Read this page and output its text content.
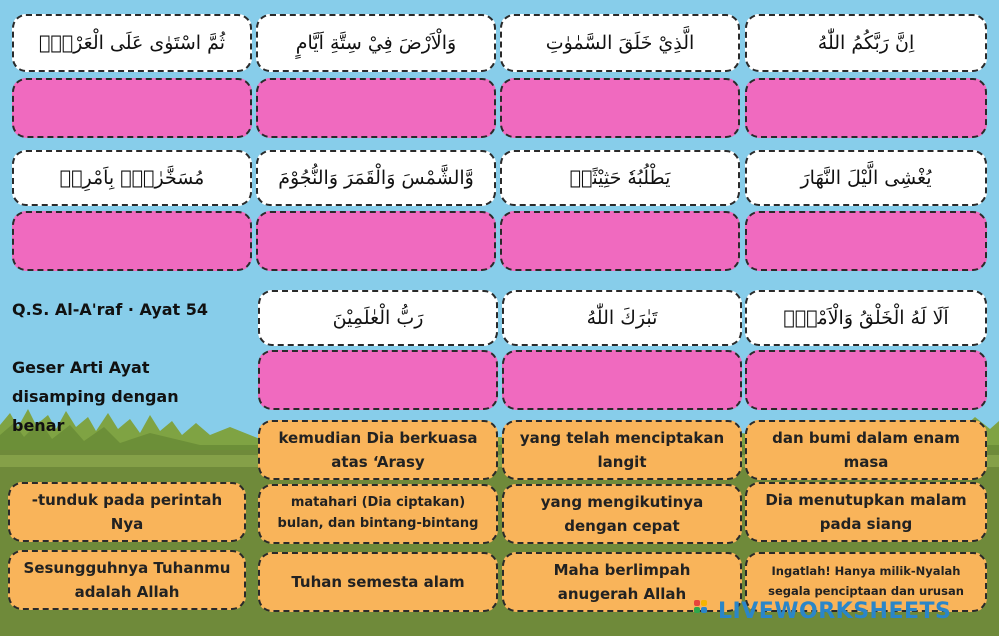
اِنَّ رَبَّكُمُ اللّٰهُ
الَّذِيْ خَلَقَ السَّمٰوٰتِ
وَالْاَرْضَ فِيْ سِتَّةِ اَيَّامٍ
ثُمَّ اسْتَوٰى عَلَى الْعَرْشِۗ
يُغْشِى الَّيْلَ النَّهَارَ
يَطْلُبُهٗ حَثِيْثًاۙ
وَّالشَّمْسَ وَالْقَمَرَ وَالنُّجُوْمَ
مُسَخَّرٰتٍۢ بِاَمْرِهٖ
Q.S. Al-A'raf · Ayat 54
Geser Arti Ayat disamping dengan benar
اَلَا لَهُ الْخَلْقُ وَالْاَمْرُۗ
تَبٰرَكَ اللّٰهُ
رَبُّ الْعٰلَمِيْنَ
kemudian Dia berkuasa atas ‘Arasy
yang telah menciptakan langit
dan bumi dalam enam masa
-tunduk pada perintah Nya
matahari (Dia ciptakan) bulan, dan bintang-bintang
yang mengikutinya dengan cepat
Dia menutupkan malam pada siang
Sesungguhnya Tuhanmu adalah Allah
Tuhan semesta alam
Maha berlimpah anugerah Allah
Ingatlah! Hanya milik-Nyalah segala penciptaan dan urusan
LIVEWORKSHEETS
